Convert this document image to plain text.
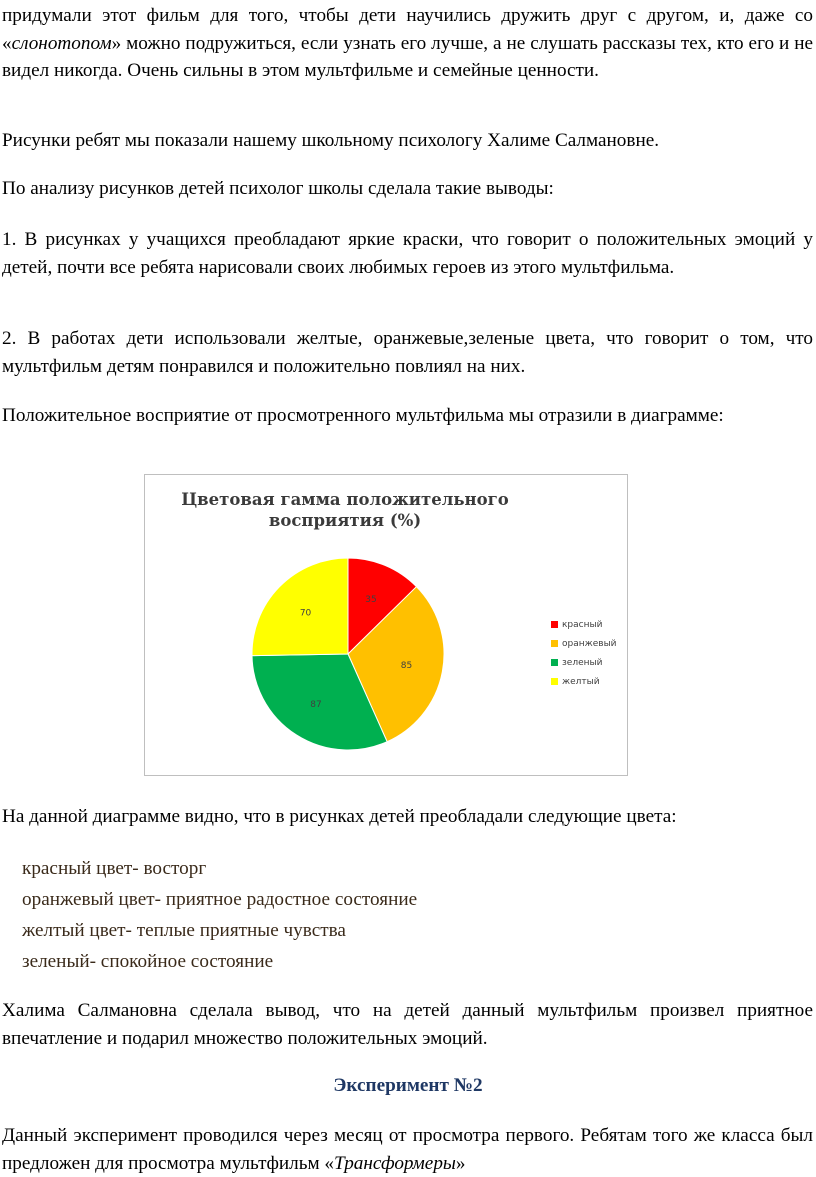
придумали этот фильм для того, чтобы дети научились дружить друг с другом, и, даже со «слонотопом» можно подружиться, если узнать его лучше, а не слушать рассказы тех, кто его и не видел никогда. Очень сильны в этом мультфильме и семейные ценности.

Рисунки ребят мы показали нашему школьному психологу Халиме Салмановне.

По анализу рисунков детей психолог школы сделала такие выводы:

1. В рисунках у учащихся преобладают яркие краски, что говорит о положительных эмоций у детей, почти все ребята нарисовали своих любимых героев из этого мультфильма.

2. В работах дети использовали желтые, оранжевые,зеленые цвета, что говорит о том, что мультфильм детям понравился и положительно повлиял на них.

Положительное восприятие от просмотренного мультфильма мы отразили в диаграмме:

Цветовая гамма положительного
восприятия (%)
35
85
87
70
красный
оранжевый
зеленый
желтый

На данной диаграмме видно, что в рисунках детей преобладали следующие цвета:

красный цвет- восторг
оранжевый цвет- приятное радостное состояние
желтый цвет- теплые приятные чувства
зеленый- спокойное состояние

Халима Салмановна сделала вывод, что на детей данный мультфильм произвел приятное впечатление и подарил множество положительных эмоций.

Эксперимент №2

Данный эксперимент проводился через месяц от просмотра первого. Ребятам того же класса был предложен для просмотра мультфильм «Трансформеры»
